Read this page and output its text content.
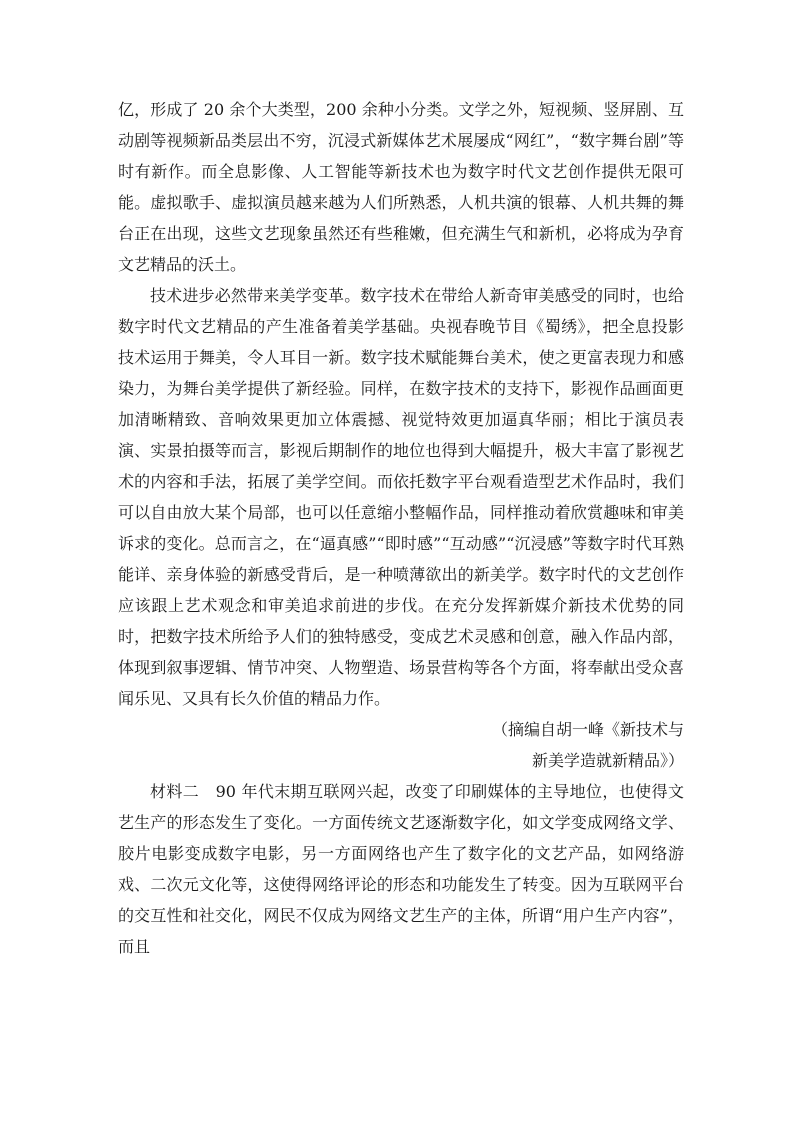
亿，形成了 20 余个大类型，200 余种小分类。文学之外，短视频、竖屏剧、互动剧等视频新品类层出不穷，沉浸式新媒体艺术展屡成“网红”，“数字舞台剧”等时有新作。而全息影像、人工智能等新技术也为数字时代文艺创作提供无限可能。虚拟歌手、虚拟演员越来越为人们所熟悉，人机共演的银幕、人机共舞的舞台正在出现，这些文艺现象虽然还有些稚嫩，但充满生气和新机，必将成为孕育文艺精品的沃土。

技术进步必然带来美学变革。数字技术在带给人新奇审美感受的同时，也给数字时代文艺精品的产生准备着美学基础。央视春晚节目《蜀绣》，把全息投影技术运用于舞美，令人耳目一新。数字技术赋能舞台美术，使之更富表现力和感染力，为舞台美学提供了新经验。同样，在数字技术的支持下，影视作品画面更加清晰精致、音响效果更加立体震撼、视觉特效更加逼真华丽；相比于演员表演、实景拍摄等而言，影视后期制作的地位也得到大幅提升，极大丰富了影视艺术的内容和手法，拓展了美学空间。而依托数字平台观看造型艺术作品时，我们可以自由放大某个局部，也可以任意缩小整幅作品，同样推动着欣赏趣味和审美诉求的变化。总而言之，在“逼真感”“即时感”“互动感”“沉浸感”等数字时代耳熟能详、亲身体验的新感受背后，是一种喷薄欲出的新美学。数字时代的文艺创作应该跟上艺术观念和审美追求前进的步伐。在充分发挥新媒介新技术优势的同时，把数字技术所给予人们的独特感受，变成艺术灵感和创意，融入作品内部，体现到叙事逻辑、情节冲突、人物塑造、场景营构等各个方面，将奉献出受众喜闻乐见、又具有长久价值的精品力作。

（摘编自胡一峰《新技术与
新美学造就新精品》）

材料二　90 年代末期互联网兴起，改变了印刷媒体的主导地位，也使得文艺生产的形态发生了变化。一方面传统文艺逐渐数字化，如文学变成网络文学、胶片电影变成数字电影，另一方面网络也产生了数字化的文艺产品，如网络游戏、二次元文化等，这使得网络评论的形态和功能发生了转变。因为互联网平台的交互性和社交化，网民不仅成为网络文艺生产的主体，所谓“用户生产内容”，而且
